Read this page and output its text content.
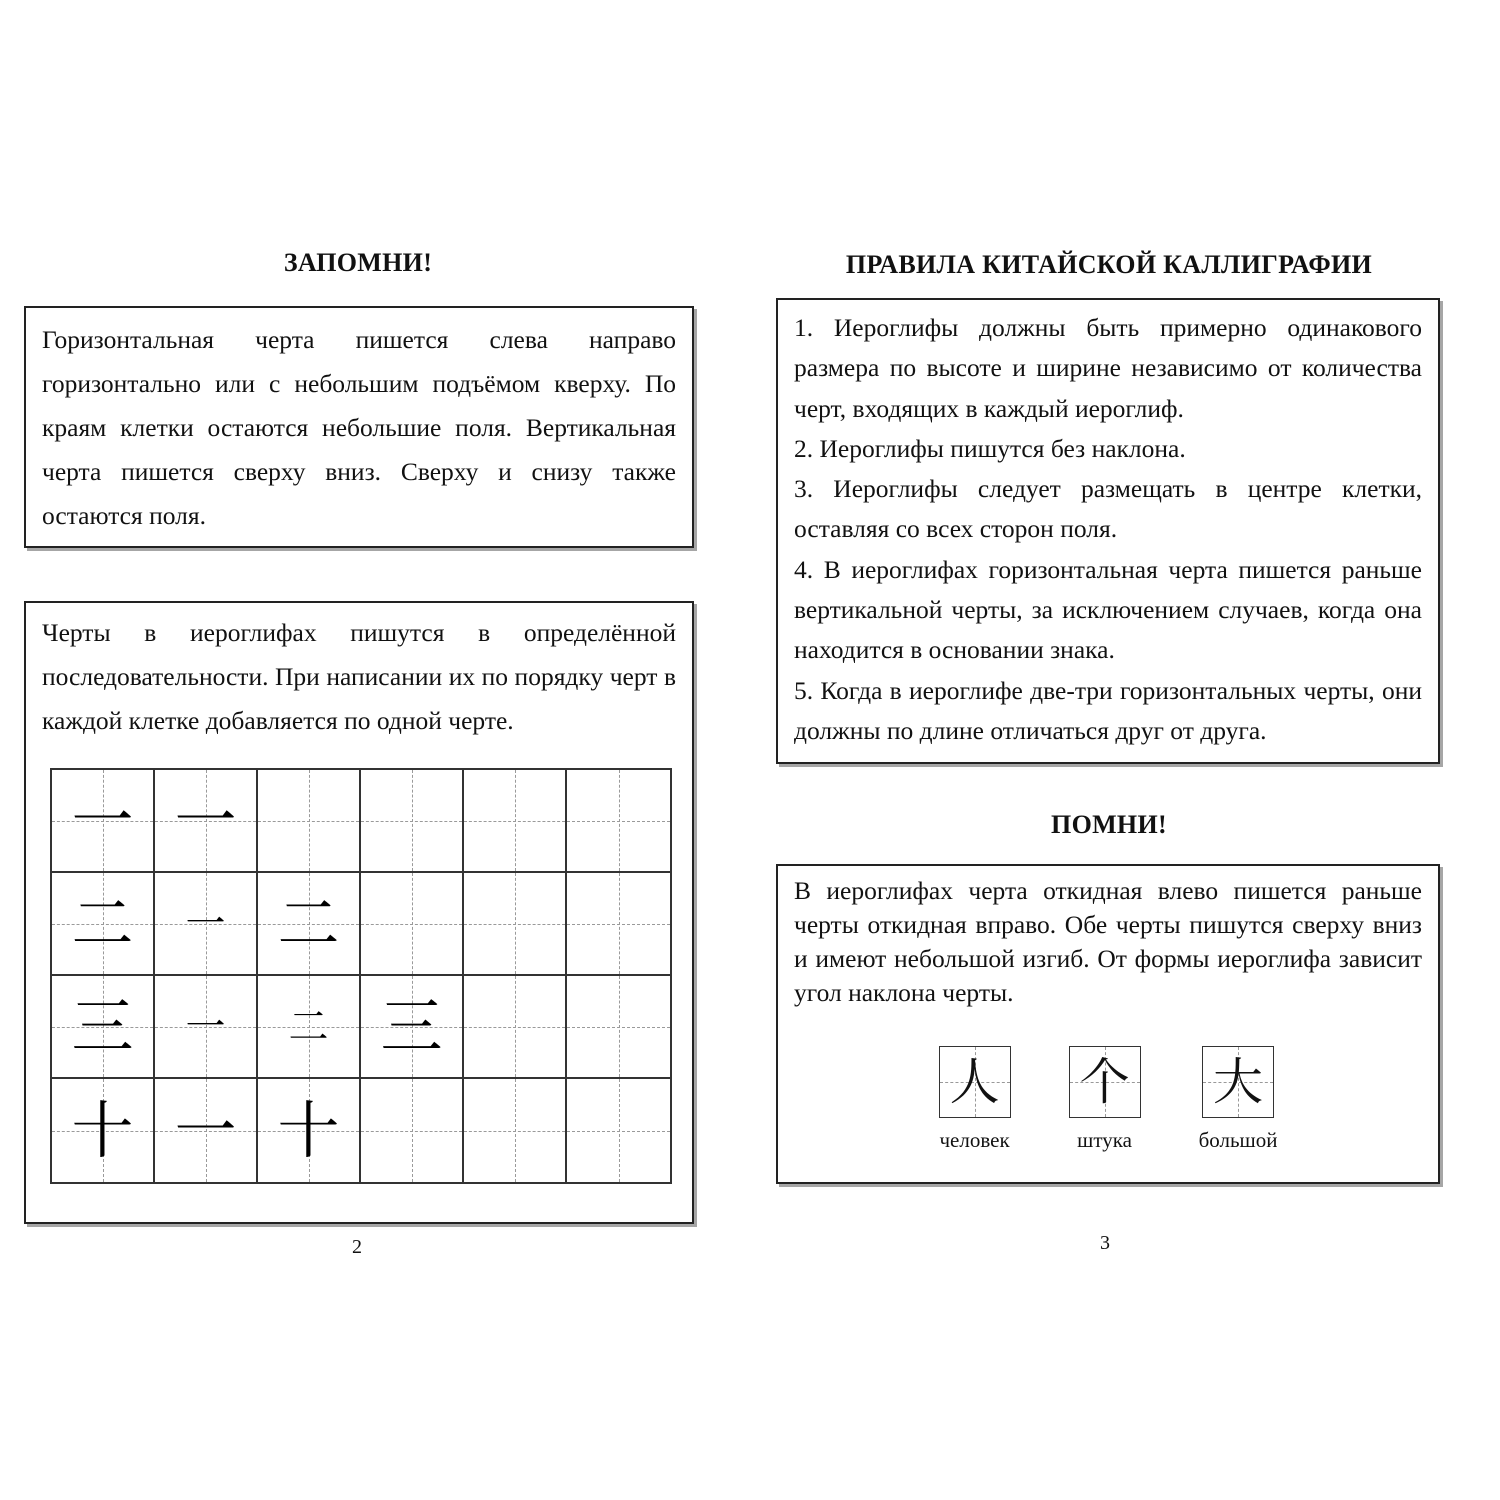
ЗАПОМНИ!

Горизонтальная черта пишется слева направо горизонтально или с небольшим подъёмом кверху. По краям клетки остаются небольшие поля. Вертикальная черта пишется сверху вниз. Сверху и снизу также остаются поля.

Черты в иероглифах пишутся в определённой последовательности. При написании их по порядку черт в каждой клетке добавляется по одной черте.

一 一
二 一 二
三 一 二 三
十 一 十

2

ПРАВИЛА КИТАЙСКОЙ КАЛЛИГРАФИИ
1. Иероглифы должны быть примерно одинакового размера по высоте и ширине независимо от количества черт, входящих в каждый иероглиф.
2. Иероглифы пишутся без наклона.
3. Иероглифы следует размещать в центре клетки, оставляя со всех сторон поля.
4. В иероглифах горизонтальная черта пишется раньше вертикальной черты, за исключением случаев, когда она находится в основании знака.
5. Когда в иероглифе две-три горизонтальных черты, они должны по длине отличаться друг от друга.
ПОМНИ!

В иероглифах черта откидная влево пишется раньше черты откидная вправо. Обе черты пишутся сверху вниз и имеют небольшой изгиб. От формы иероглифа зависит угол наклона черты.

人
человек
个
штука
大
большой

3
